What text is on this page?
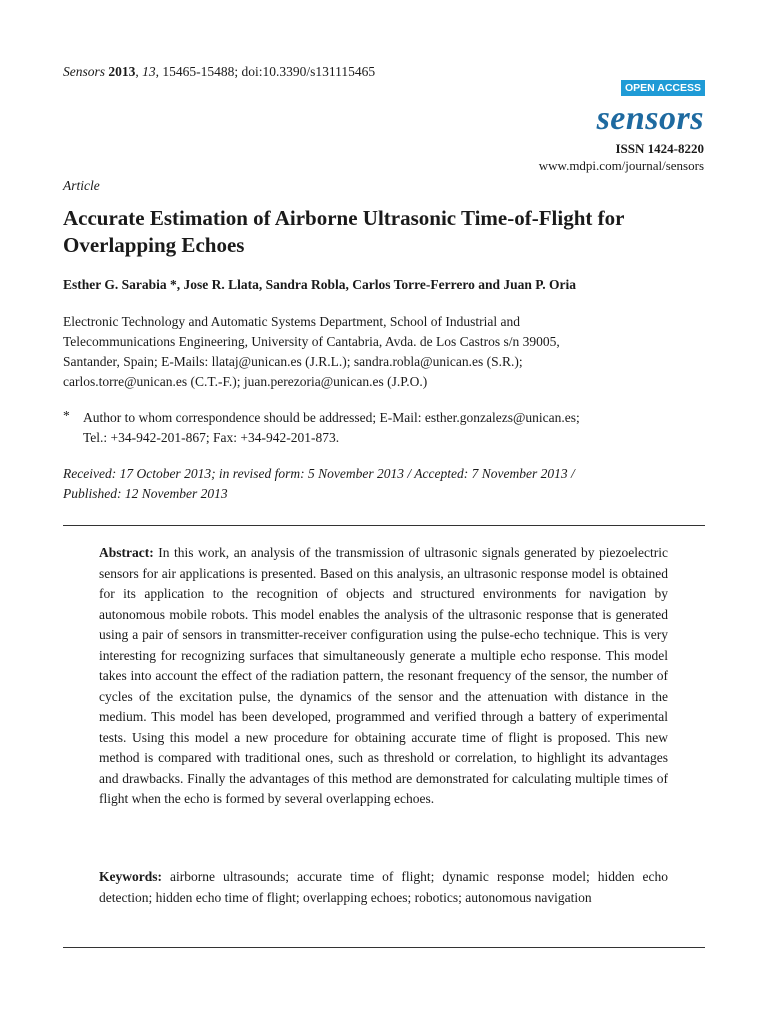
Sensors 2013, 13, 15465-15488; doi:10.3390/s131115465
OPEN ACCESS
sensors
ISSN 1424-8220
www.mdpi.com/journal/sensors
Article
Accurate Estimation of Airborne Ultrasonic Time-of-Flight for Overlapping Echoes
Esther G. Sarabia *, Jose R. Llata, Sandra Robla, Carlos Torre-Ferrero and Juan P. Oria
Electronic Technology and Automatic Systems Department, School of Industrial and
Telecommunications Engineering, University of Cantabria, Avda. de Los Castros s/n 39005,
Santander, Spain; E-Mails: llataj@unican.es (J.R.L.); sandra.robla@unican.es (S.R.);
carlos.torre@unican.es (C.T.-F.); juan.perezoria@unican.es (J.P.O.)
* Author to whom correspondence should be addressed; E-Mail: esther.gonzalezs@unican.es;
Tel.: +34-942-201-867; Fax: +34-942-201-873.
Received: 17 October 2013; in revised form: 5 November 2013 / Accepted: 7 November 2013 /
Published: 12 November 2013

Abstract: In this work, an analysis of the transmission of ultrasonic signals generated by piezoelectric sensors for air applications is presented. Based on this analysis, an ultrasonic response model is obtained for its application to the recognition of objects and structured environments for navigation by autonomous mobile robots. This model enables the analysis of the ultrasonic response that is generated using a pair of sensors in transmitter-receiver configuration using the pulse-echo technique. This is very interesting for recognizing surfaces that simultaneously generate a multiple echo response. This model takes into account the effect of the radiation pattern, the resonant frequency of the sensor, the number of cycles of the excitation pulse, the dynamics of the sensor and the attenuation with distance in the medium. This model has been developed, programmed and verified through a battery of experimental tests. Using this model a new procedure for obtaining accurate time of flight is proposed. This new method is compared with traditional ones, such as threshold or correlation, to highlight its advantages and drawbacks. Finally the advantages of this method are demonstrated for calculating multiple times of flight when the echo is formed by several overlapping echoes.

Keywords: airborne ultrasounds; accurate time of flight; dynamic response model; hidden echo detection; hidden echo time of flight; overlapping echoes; robotics; autonomous navigation
